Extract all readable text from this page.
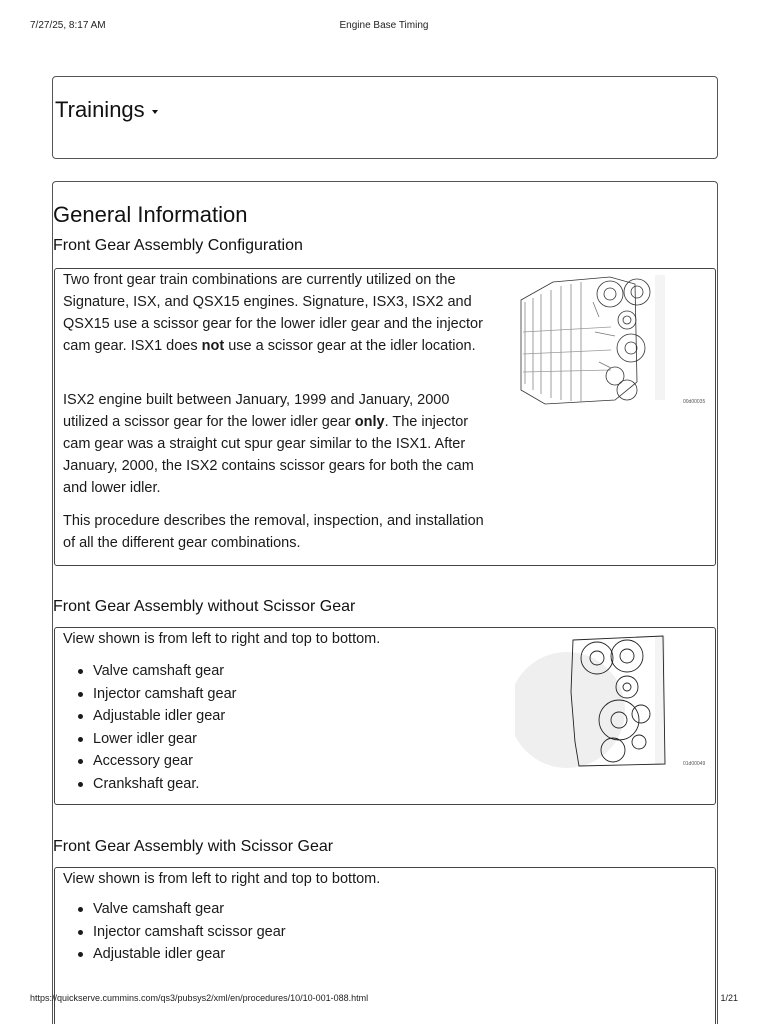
7/27/25, 8:17 AM	Engine Base Timing
Trainings
General Information
Front Gear Assembly Configuration
Two front gear train combinations are currently utilized on the Signature, ISX, and QSX15 engines. Signature, ISX3, ISX2 and QSX15 use a scissor gear for the lower idler gear and the injector cam gear. ISX1 does not use a scissor gear at the idler location.
ISX2 engine built between January, 1999 and January, 2000 utilized a scissor gear for the lower idler gear only. The injector cam gear was a straight cut spur gear similar to the ISX1. After January, 2000, the ISX2 contains scissor gears for both the cam and lower idler.
This procedure describes the removal, inspection, and installation of all the different gear combinations.
00d00035
Front Gear Assembly without Scissor Gear
View shown is from left to right and top to bottom.
Valve camshaft gear
Injector camshaft gear
Adjustable idler gear
Lower idler gear
Accessory gear
Crankshaft gear.
01d00049
Front Gear Assembly with Scissor Gear
View shown is from left to right and top to bottom.
Valve camshaft gear
Injector camshaft scissor gear
Adjustable idler gear
https://quickserve.cummins.com/qs3/pubsys2/xml/en/procedures/10/10-001-088.html	1/21
